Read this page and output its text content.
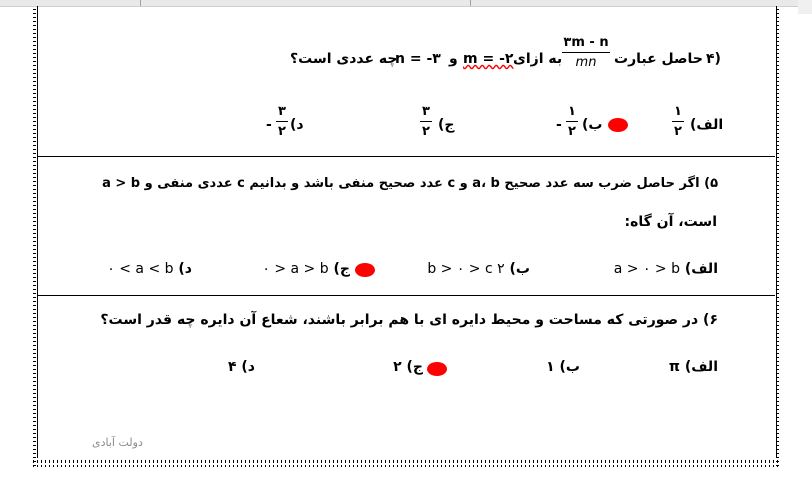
۴)
حاصل عبارت
۳m - n
mn
به ازای
m = -۲
و
n = -۳
چه عددی است؟
الف)
۱
۲
ب)
۱
۲
-
ج)
۳
۲
د)
۳
۲
-
۵) اگر حاصل ضرب سه عدد صحیح a، b و c عدد صحیح منفی باشد و بدانیم c عددی منفی و a > b
است، آن گاه:
الف) a > ۰ > b
ب) b > ۰ > c ۲
ج) ۰ > a > b
د) ۰ < a < b
۶) در صورتی که مساحت و محیط دایره ای با هم برابر باشند، شعاع آن دایره چه قدر است؟
الف) π
ب) ۱
ج) ۲
د) ۴
دولت آبادی
